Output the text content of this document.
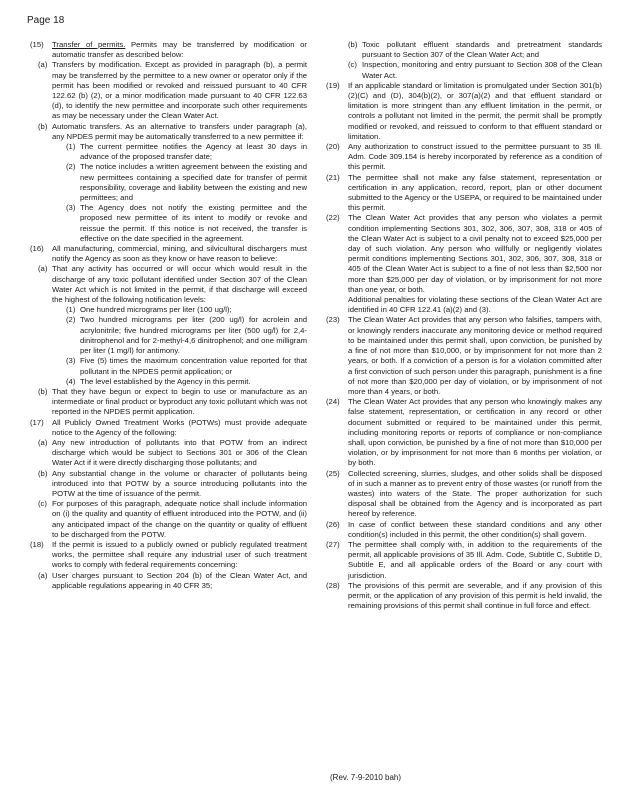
Page 18
(15) Transfer of permits. Permits may be transferred by modification or automatic transfer as described below:
(a) Transfers by modification. Except as provided in paragraph (b), a permit may be transferred by the permittee to a new owner or operator only if the permit has been modified or revoked and reissued pursuant to 40 CFR 122.62 (b) (2), or a minor modification made pursuant to 40 CFR 122.63 (d), to identify the new permittee and incorporate such other requirements as may be necessary under the Clean Water Act.
(b) Automatic transfers. As an alternative to transfers under paragraph (a), any NPDES permit may be automatically transferred to a new permittee if:
(1) The current permittee notifies the Agency at least 30 days in advance of the proposed transfer date;
(2) The notice includes a written agreement between the existing and new permittees containing a specified date for transfer of permit responsibility, coverage and liability between the existing and new permittees; and
(3) The Agency does not notify the existing permittee and the proposed new permittee of its intent to modify or revoke and reissue the permit. If this notice is not received, the transfer is effective on the date specified in the agreement.
(16) All manufacturing, commercial, mining, and silvicultural dischargers must notify the Agency as soon as they know or have reason to believe:
(a) That any activity has occurred or will occur which would result in the discharge of any toxic pollutant identified under Section 307 of the Clean Water Act which is not limited in the permit, if that discharge will exceed the highest of the following notification levels:
(1) One hundred micrograms per liter (100 ug/l);
(2) Two hundred micrograms per liter (200 ug/l) for acrolein and acrylonitrile; five hundred micrograms per liter (500 ug/l) for 2,4-dinitrophenol and for 2-methyl-4,6 dinitrophenol; and one milligram per liter (1 mg/l) for antimony.
(3) Five (5) times the maximum concentration value reported for that pollutant in the NPDES permit application; or
(4) The level established by the Agency in this permit.
(b) That they have begun or expect to begin to use or manufacture as an intermediate or final product or byproduct any toxic pollutant which was not reported in the NPDES permit application.
(17) All Publicly Owned Treatment Works (POTWs) must provide adequate notice to the Agency of the following:
(a) Any new introduction of pollutants into that POTW from an indirect discharge which would be subject to Sections 301 or 306 of the Clean Water Act if it were directly discharging those pollutants; and
(b) Any substantial change in the volume or character of pollutants being introduced into that POTW by a source introducing pollutants into the POTW at the time of issuance of the permit.
(c) For purposes of this paragraph, adequate notice shall include information on (i) the quality and quantity of effluent introduced into the POTW, and (ii) any anticipated impact of the change on the quantity or quality of effluent to be discharged from the POTW.
(18) If the permit is issued to a publicly owned or publicly regulated treatment works, the permittee shall require any industrial user of such treatment works to comply with federal requirements concerning:
(a) User charges pursuant to Section 204 (b) of the Clean Water Act, and applicable regulations appearing in 40 CFR 35;
(b) Toxic pollutant effluent standards and pretreatment standards pursuant to Section 307 of the Clean Water Act; and
(c) Inspection, monitoring and entry pursuant to Section 308 of the Clean Water Act.
(19) If an applicable standard or limitation is promulgated under Section 301(b)(2)(C) and (D), 304(b)(2), or 307(a)(2) and that effluent standard or limitation is more stringent than any effluent limitation in the permit, or controls a pollutant not limited in the permit, the permit shall be promptly modified or revoked, and reissued to conform to that effluent standard or limitation.
(20) Any authorization to construct issued to the permittee pursuant to 35 Ill. Adm. Code 309.154 is hereby incorporated by reference as a condition of this permit.
(21) The permittee shall not make any false statement, representation or certification in any application, record, report, plan or other document submitted to the Agency or the USEPA, or required to be maintained under this permit.
(22) The Clean Water Act provides that any person who violates a permit condition implementing Sections 301, 302, 306, 307, 308, 318 or 405 of the Clean Water Act is subject to a civil penalty not to exceed $25,000 per day of such violation. Any person who willfully or negligently violates permit conditions implementing Sections 301, 302, 306, 307, 308, 318 or 405 of the Clean Water Act is subject to a fine of not less than $2,500 nor more than $25,000 per day of violation, or by imprisonment for not more than one year, or both.
Additional penalties for violating these sections of the Clean Water Act are identified in 40 CFR 122.41 (a)(2) and (3).
(23) The Clean Water Act provides that any person who falsifies, tampers with, or knowingly renders inaccurate any monitoring device or method required to be maintained under this permit shall, upon conviction, be punished by a fine of not more than $10,000, or by imprisonment for not more than 2 years, or both. If a conviction of a person is for a violation committed after a first conviction of such person under this paragraph, punishment is a fine of not more than $20,000 per day of violation, or by imprisonment of not more than 4 years, or both.
(24) The Clean Water Act provides that any person who knowingly makes any false statement, representation, or certification in any record or other document submitted or required to be maintained under this permit, including monitoring reports or reports of compliance or non-compliance shall, upon conviction, be punished by a fine of not more than $10,000 per violation, or by imprisonment for not more than 6 months per violation, or by both.
(25) Collected screening, slurries, sludges, and other solids shall be disposed of in such a manner as to prevent entry of those wastes (or runoff from the wastes) into waters of the State. The proper authorization for such disposal shall be obtained from the Agency and is incorporated as part hereof by reference.
(26) In case of conflict between these standard conditions and any other condition(s) included in this permit, the other condition(s) shall govern.
(27) The permittee shall comply with, in addition to the requirements of the permit, all applicable provisions of 35 Ill. Adm. Code, Subtitle C, Subtitle D, Subtitle E, and all applicable orders of the Board or any court with jurisdiction.
(28) The provisions of this permit are severable, and if any provision of this permit, or the application of any provision of this permit is held invalid, the remaining provisions of this permit shall continue in full force and effect.
(Rev. 7-9-2010 bah)
